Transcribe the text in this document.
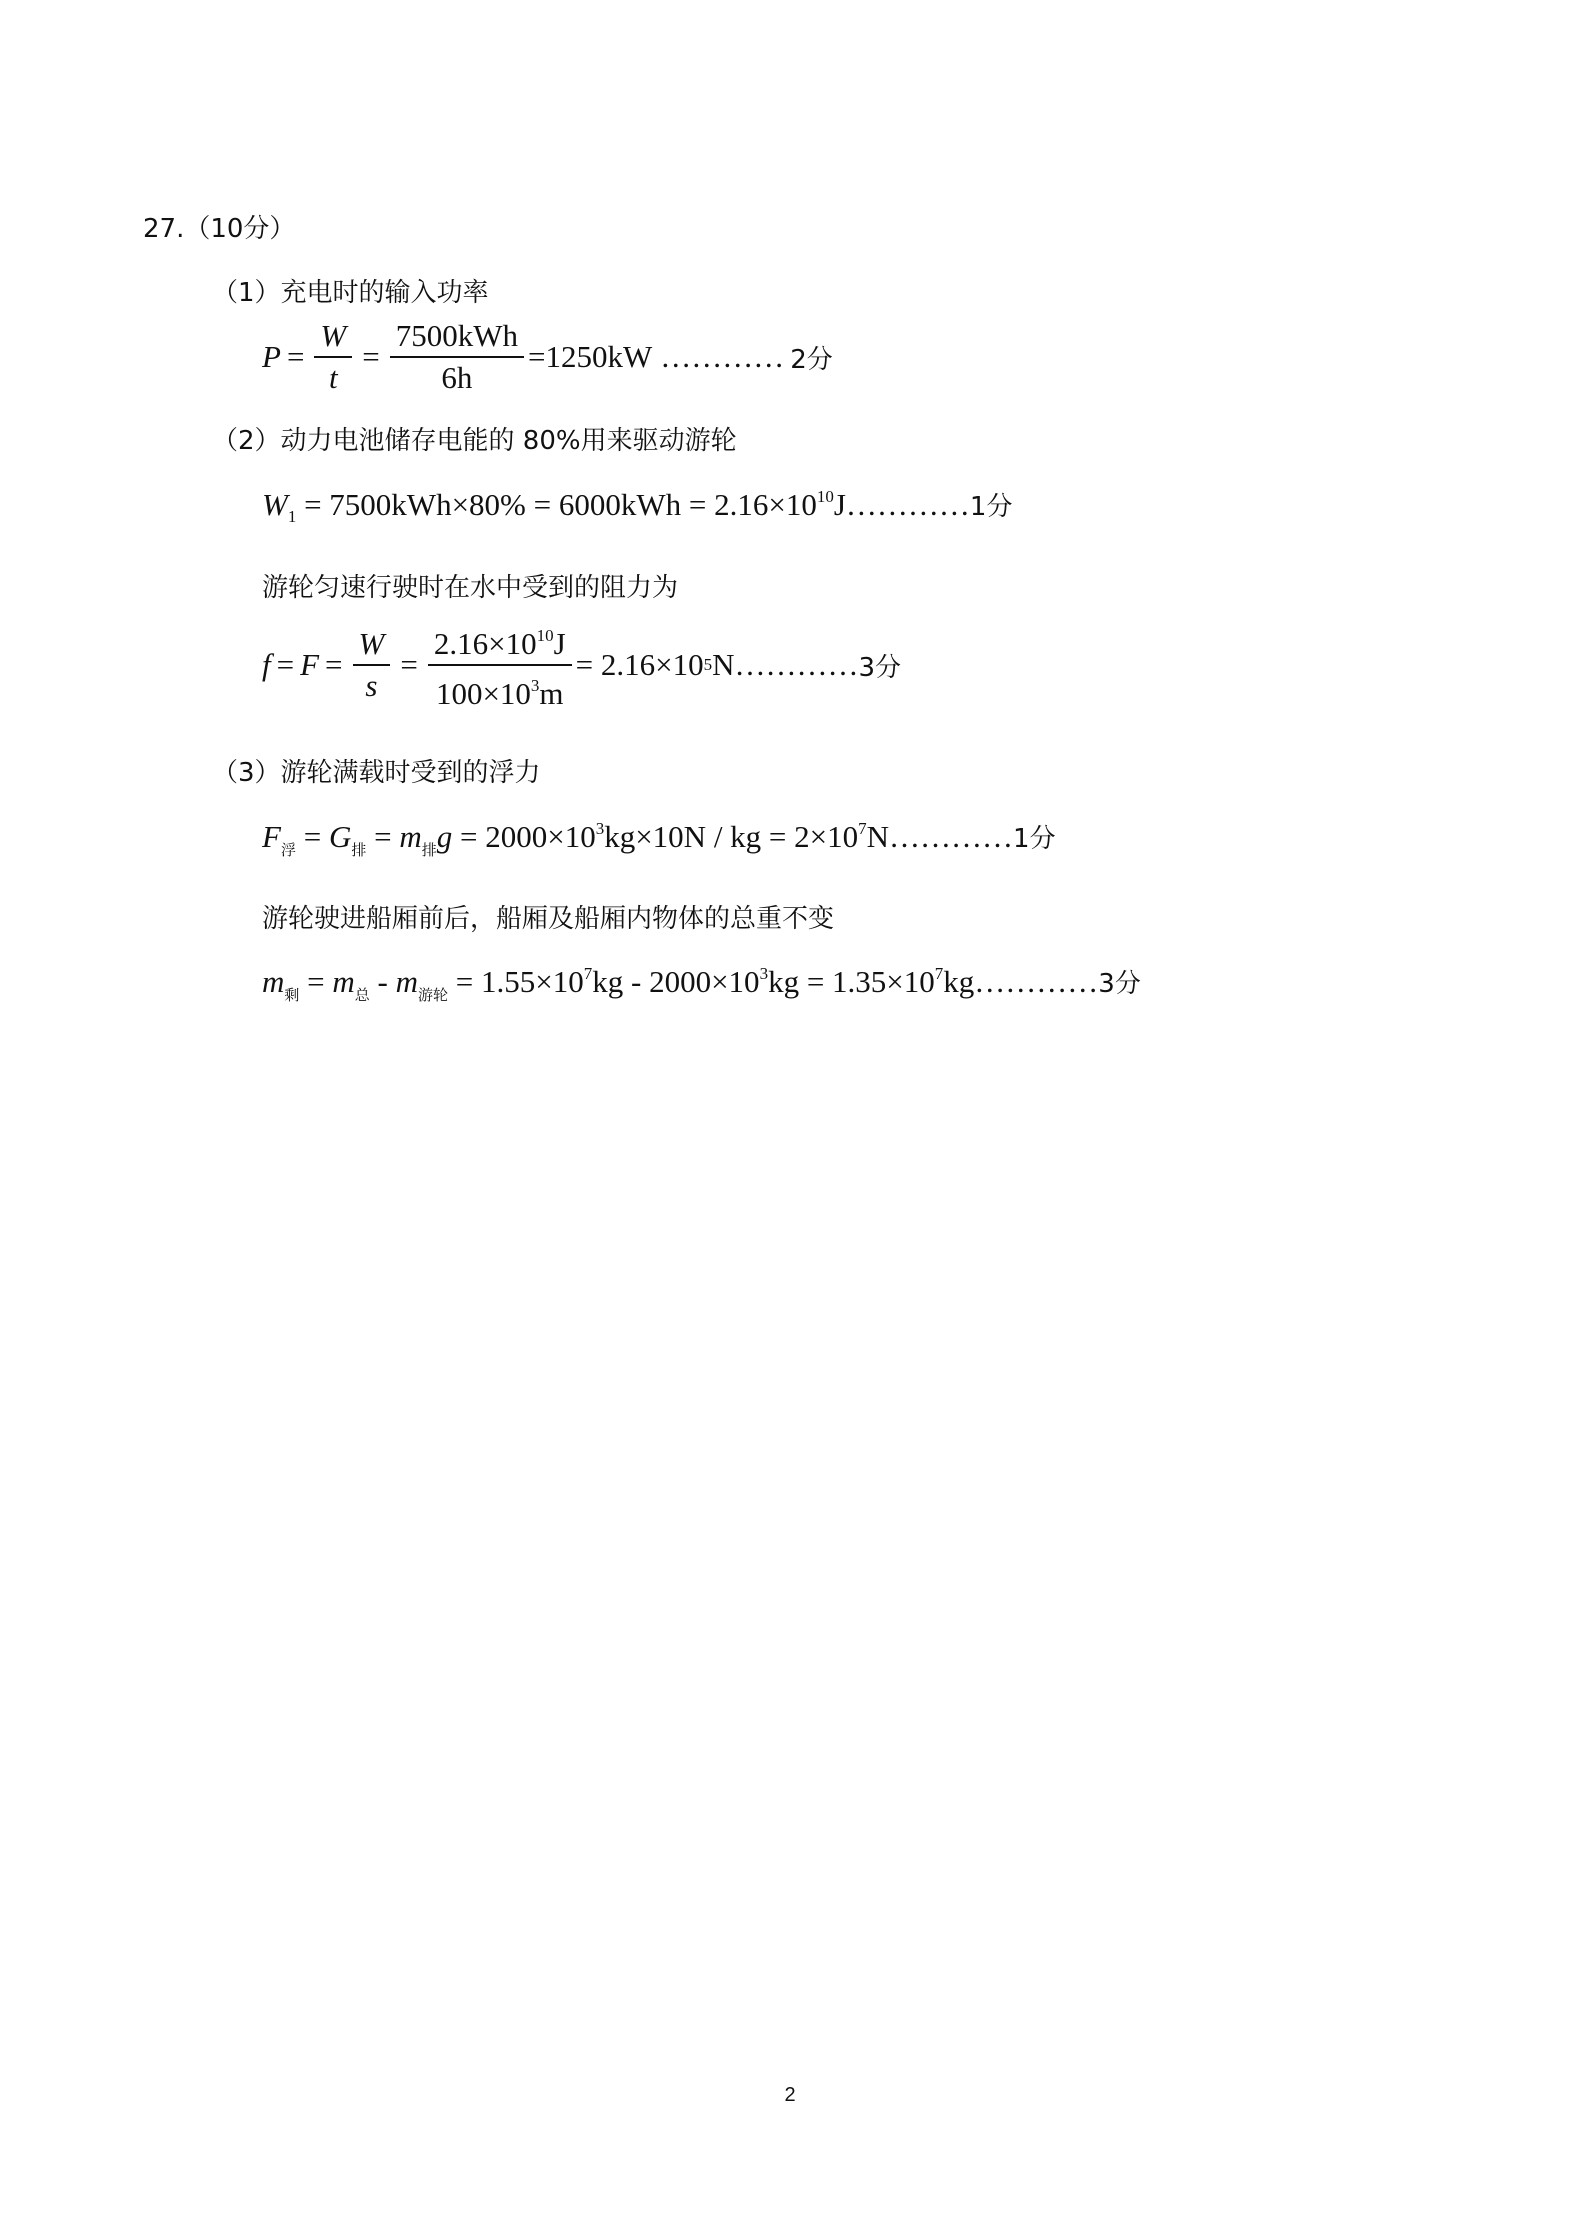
27.（10分）
（1）充电时的输入功率
$P = \frac{W}{t} = \frac{\text{7500kWh}}{6h} =1250kW$ ………… 2分
（2）动力电池储存电能的 80%用来驱动游轮
$W_1 = 7500kWh\times 80\% = 6000kWh$ = $2.16\times 10^{10}J\dots\dots\dots\dots 1$分
游轮匀速行驶时在水中受到的阻力为
$f = F = \frac{W}{s} = \frac{2.16\times 10^{10}J}{100\times 10^3m} = 2.16\times 10$ 5 N ………… 3分
（3）游轮满载时受到的浮力
$F_浮 = G_排 = m_排g = 2000\times 10^3kg\times 10N$ / kg = $2\times 10^7N\dots\dots\dots\dots 1$分
游轮驶进船厢前后，船厢及船厢内物体的总重不变
$m_剩 = m_总 - m_{游轮} = 1.55\times 10^7kg - 2000\times 10^3kg$ = $1.35\times 10^7kg\dots\dots\dots\dots 3$分
2
